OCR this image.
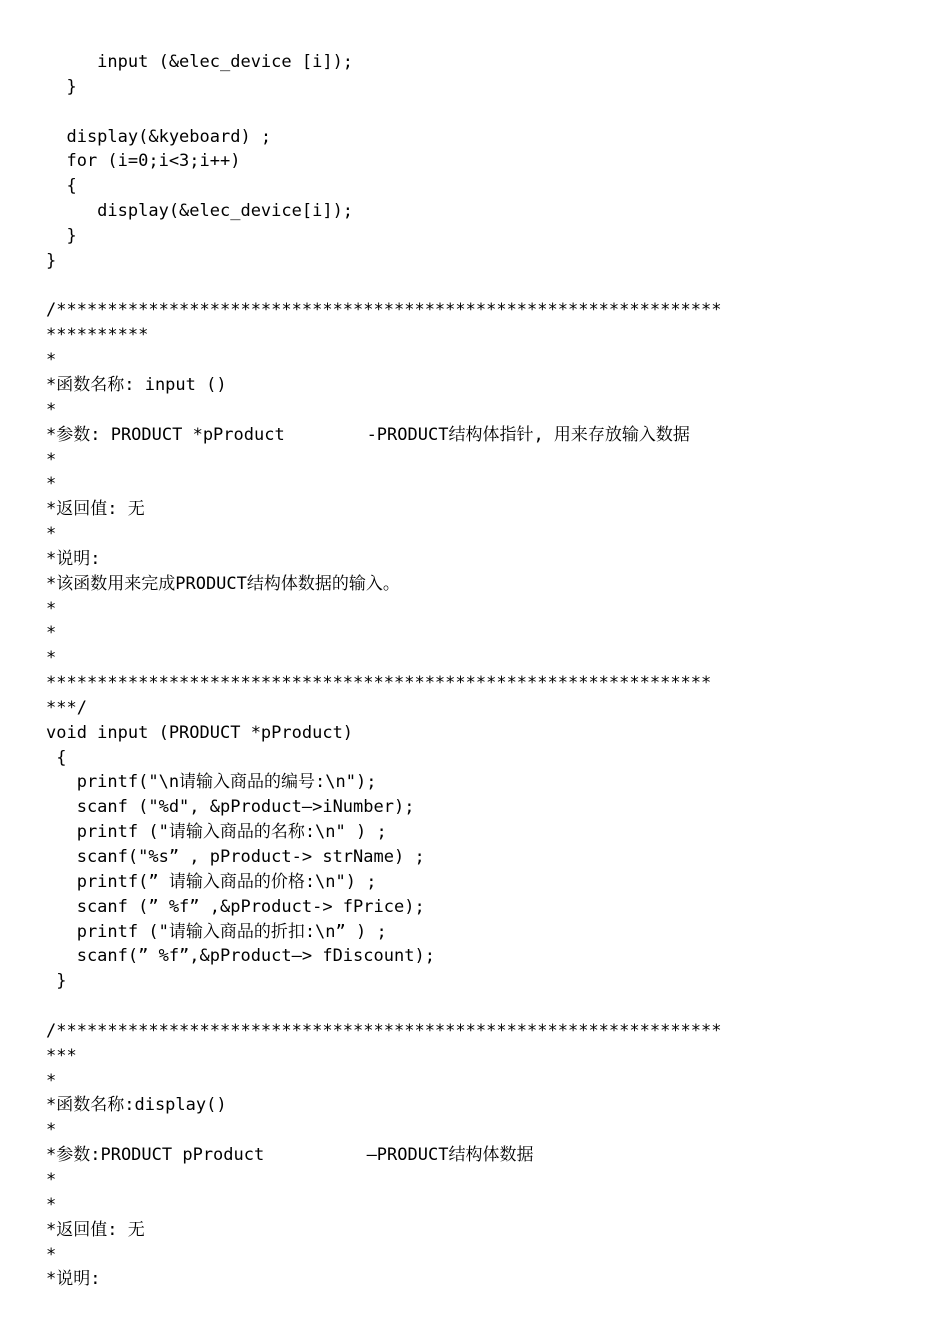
input (&elec_device [i]);
}
display(&kyeboard) ;
for (i=0;i<3;i++)
{
display(&elec_device[i]);
}
}
/*****************************************************************
**********
*
*函数名称: input ()
*
*参数: PRODUCT *pProduct        -PRODUCT结构体指针, 用来存放输入数据
*
*
*返回值: 无
*
*说明:
*该函数用来完成PRODUCT结构体数据的输入。
*
*
*
*****************************************************************
***/
void input (PRODUCT *pProduct)
{
printf("\n请输入商品的编号:\n");
scanf ("%d", &pProduct—>iNumber);
printf ("请输入商品的名称:\n" ) ;
scanf("%s” , pProduct-> strName) ;
printf(” 请输入商品的价格:\n") ;
scanf (” %f” ,&pProduct-> fPrice);
printf ("请输入商品的折扣:\n” ) ;
scanf(” %f”,&pProduct—> fDiscount);
}
/*****************************************************************
***
*
*函数名称:display()
*
*参数:PRODUCT pProduct          —PRODUCT结构体数据
*
*
*返回值: 无
*
*说明:
